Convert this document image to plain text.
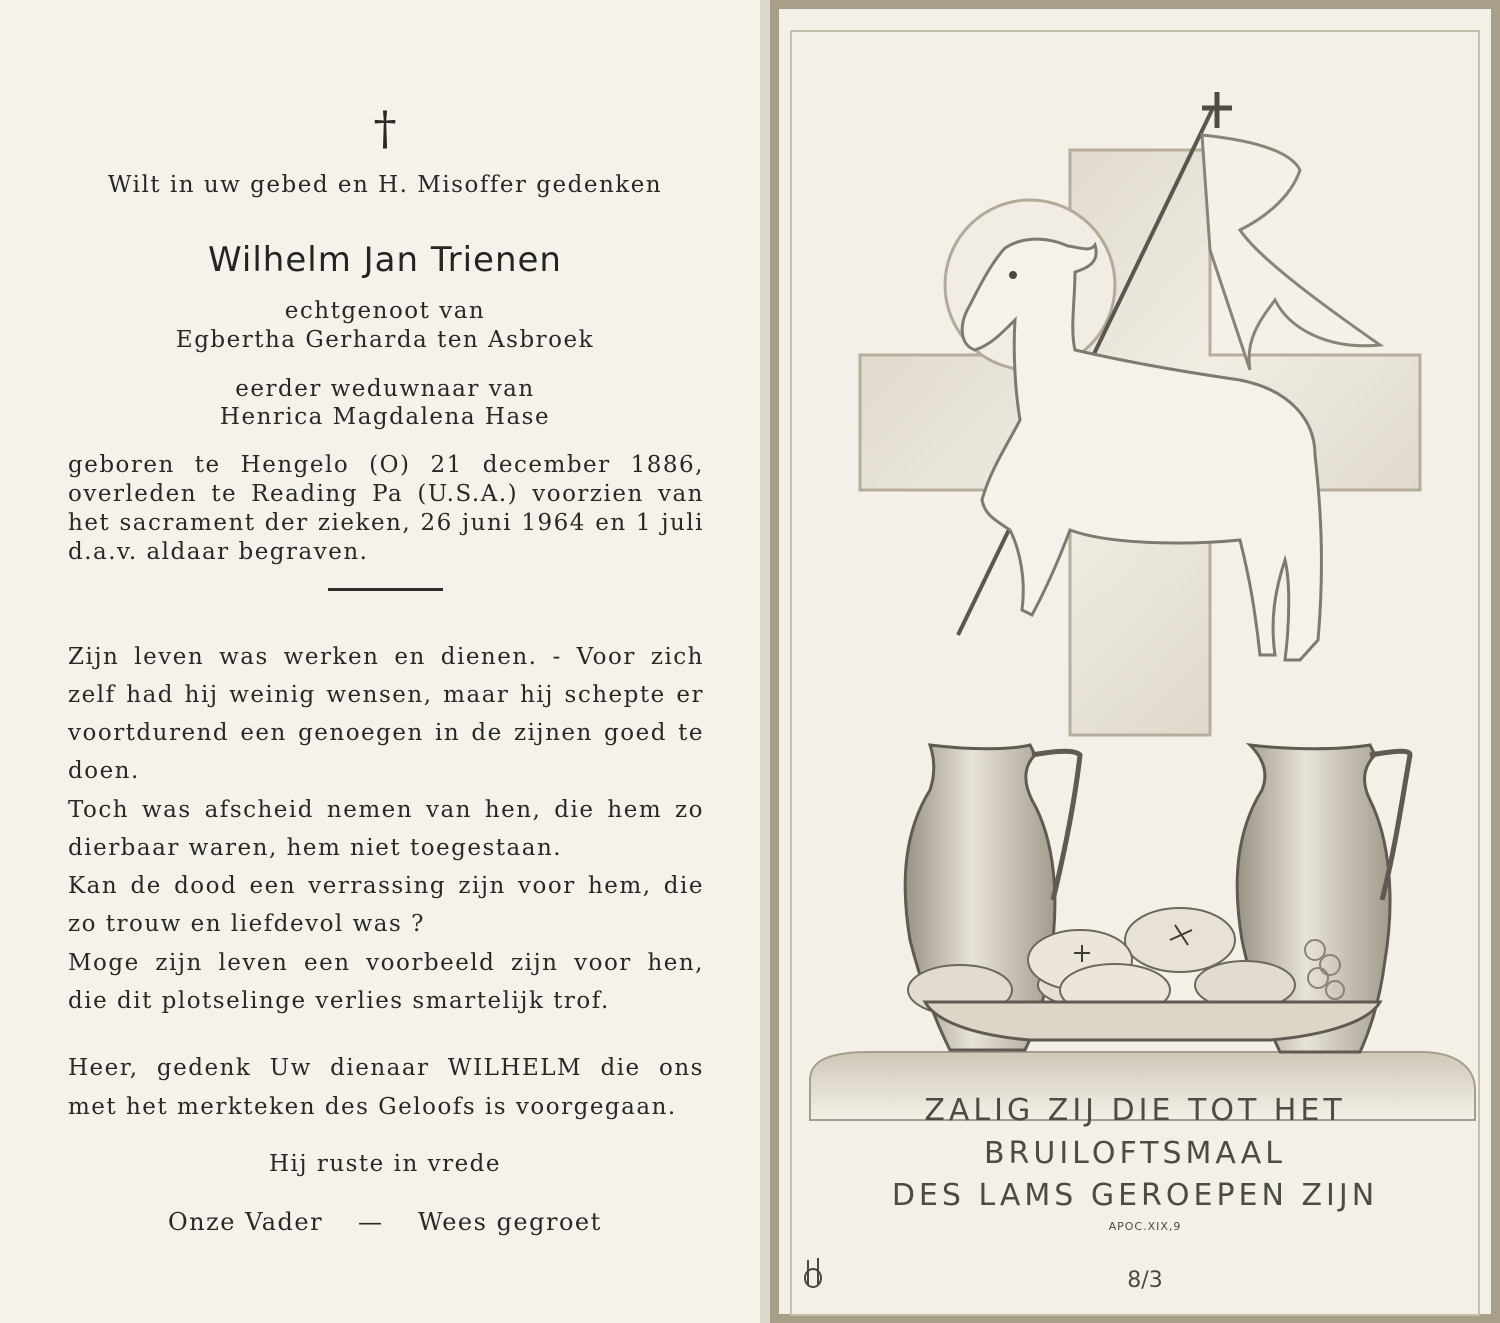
†
Wilt in uw gebed en H. Misoffer gedenken
Wilhelm Jan Trienen
echtgenoot van
Egbertha Gerharda ten Asbroek
eerder weduwnaar van
Henrica Magdalena Hase
geboren te Hengelo (O) 21 december 1886,
overleden te Reading Pa (U.S.A.) voorzien van
het sacrament der zieken, 26 juni 1964 en 1 juli
d.a.v. aldaar begraven.
Zijn leven was werken en dienen. - Voor zich
zelf had hij weinig wensen, maar hij schepte er
voortdurend een genoegen in de zijnen goed te
doen.
Toch was afscheid nemen van hen, die hem zo
dierbaar waren, hem niet toegestaan.
Kan de dood een verrassing zijn voor hem, die
zo trouw en liefdevol was ?
Moge zijn leven een voorbeeld zijn voor hen,
die dit plotselinge verlies smartelijk trof.
Heer, gedenk Uw dienaar WILHELM die ons
met het merkteken des Geloofs is voorgegaan.
Hij ruste in vrede
Onze Vader — Wees gegroet
ZALIG ZIJ DIE TOT HET
BRUILOFTSMAAL
DES LAMS GEROEPEN ZIJN
APOC.XIX,9
8/3
